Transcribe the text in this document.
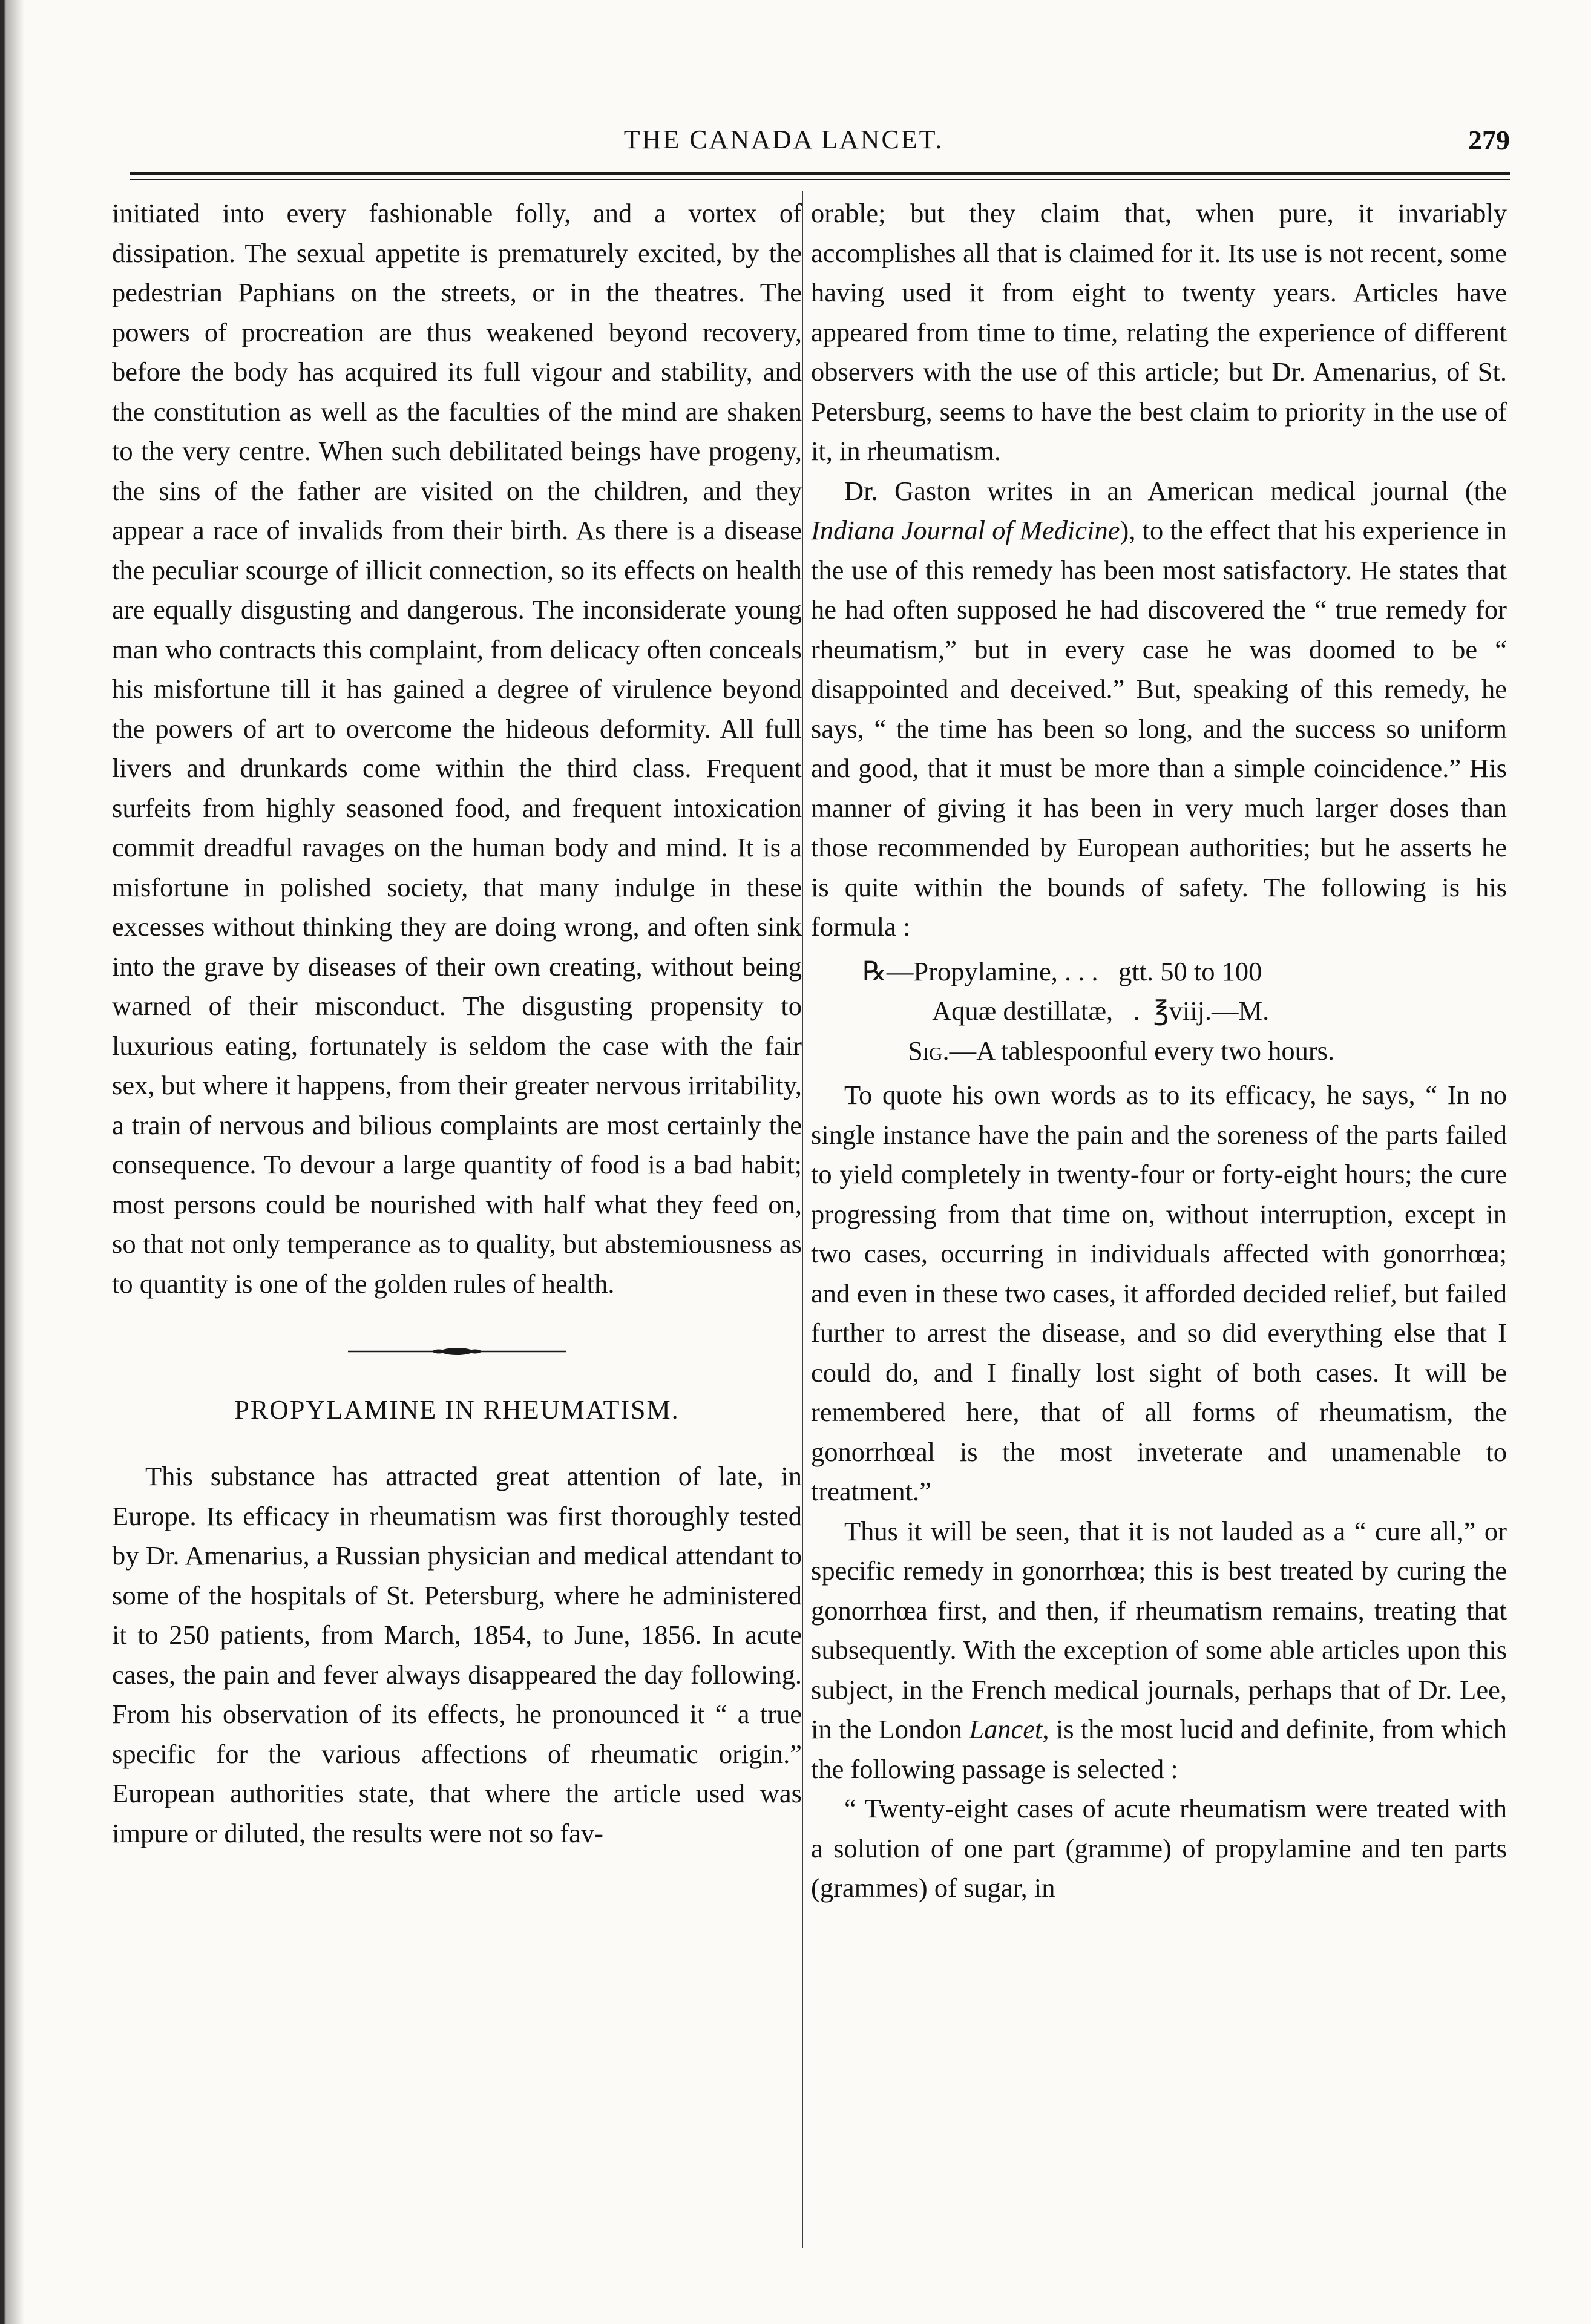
THE CANADA LANCET.	279

initiated into every fashionable folly, and a vortex of dissipation. The sexual appetite is prematurely excited, by the pedestrian Paphians on the streets, or in the theatres. The powers of procreation are thus weakened beyond recovery, before the body has acquired its full vigour and stability, and the constitution as well as the faculties of the mind are shaken to the very centre. When such debilitated beings have progeny, the sins of the father are visited on the children, and they appear a race of invalids from their birth. As there is a disease the peculiar scourge of illicit connection, so its effects on health are equally disgusting and dangerous. The inconsiderate young man who contracts this complaint, from delicacy often conceals his misfortune till it has gained a degree of virulence beyond the powers of art to overcome the hideous deformity. All full livers and drunkards come within the third class. Frequent surfeits from highly seasoned food, and frequent intoxication commit dreadful ravages on the human body and mind. It is a misfortune in polished society, that many indulge in these excesses without thinking they are doing wrong, and often sink into the grave by diseases of their own creating, without being warned of their misconduct. The disgusting propensity to luxurious eating, fortunately is seldom the case with the fair sex, but where it happens, from their greater nervous irritability, a train of nervous and bilious complaints are most certainly the consequence. To devour a large quantity of food is a bad habit; most persons could be nourished with half what they feed on, so that not only temperance as to quality, but abstemiousness as to quantity is one of the golden rules of health.

PROPYLAMINE IN RHEUMATISM.

This substance has attracted great attention of late, in Europe. Its efficacy in rheumatism was first thoroughly tested by Dr. Amenarius, a Russian physician and medical attendant to some of the hospitals of St. Petersburg, where he administered it to 250 patients, from March, 1854, to June, 1856. In acute cases, the pain and fever always disappeared the day following. From his observation of its effects, he pronounced it “ a true specific for the various affections of rheumatic origin.” European authorities state, that where the article used was impure or diluted, the results were not so fav-

orable; but they claim that, when pure, it invariably accomplishes all that is claimed for it. Its use is not recent, some having used it from eight to twenty years. Articles have appeared from time to time, relating the experience of different observers with the use of this article; but Dr. Amenarius, of St. Petersburg, seems to have the best claim to priority in the use of it, in rheumatism.

Dr. Gaston writes in an American medical journal (the Indiana Journal of Medicine), to the effect that his experience in the use of this remedy has been most satisfactory. He states that he had often supposed he had discovered the “ true remedy for rheumatism,” but in every case he was doomed to be “ disappointed and deceived.” But, speaking of this remedy, he says, “ the time has been so long, and the success so uniform and good, that it must be more than a simple coincidence.” His manner of giving it has been in very much larger doses than those recommended by European authorities; but he asserts he is quite within the bounds of safety. The following is his formula :

℞—Propylamine, . . .   gtt. 50 to 100
Aquæ destillatæ,   .  ℥viij.—M.
Sig.—A tablespoonful every two hours.

To quote his own words as to its efficacy, he says, “ In no single instance have the pain and the soreness of the parts failed to yield completely in twenty-four or forty-eight hours; the cure progressing from that time on, without interruption, except in two cases, occurring in individuals affected with gonorrhœa; and even in these two cases, it afforded decided relief, but failed further to arrest the disease, and so did everything else that I could do, and I finally lost sight of both cases. It will be remembered here, that of all forms of rheumatism, the gonorrhœal is the most inveterate and unamenable to treatment.”

Thus it will be seen, that it is not lauded as a “ cure all,” or specific remedy in gonorrhœa; this is best treated by curing the gonorrhœa first, and then, if rheumatism remains, treating that subsequently. With the exception of some able articles upon this subject, in the French medical journals, perhaps that of Dr. Lee, in the London Lancet, is the most lucid and definite, from which the following passage is selected :

“ Twenty-eight cases of acute rheumatism were treated with a solution of one part (gramme) of propylamine and ten parts (grammes) of sugar, in
